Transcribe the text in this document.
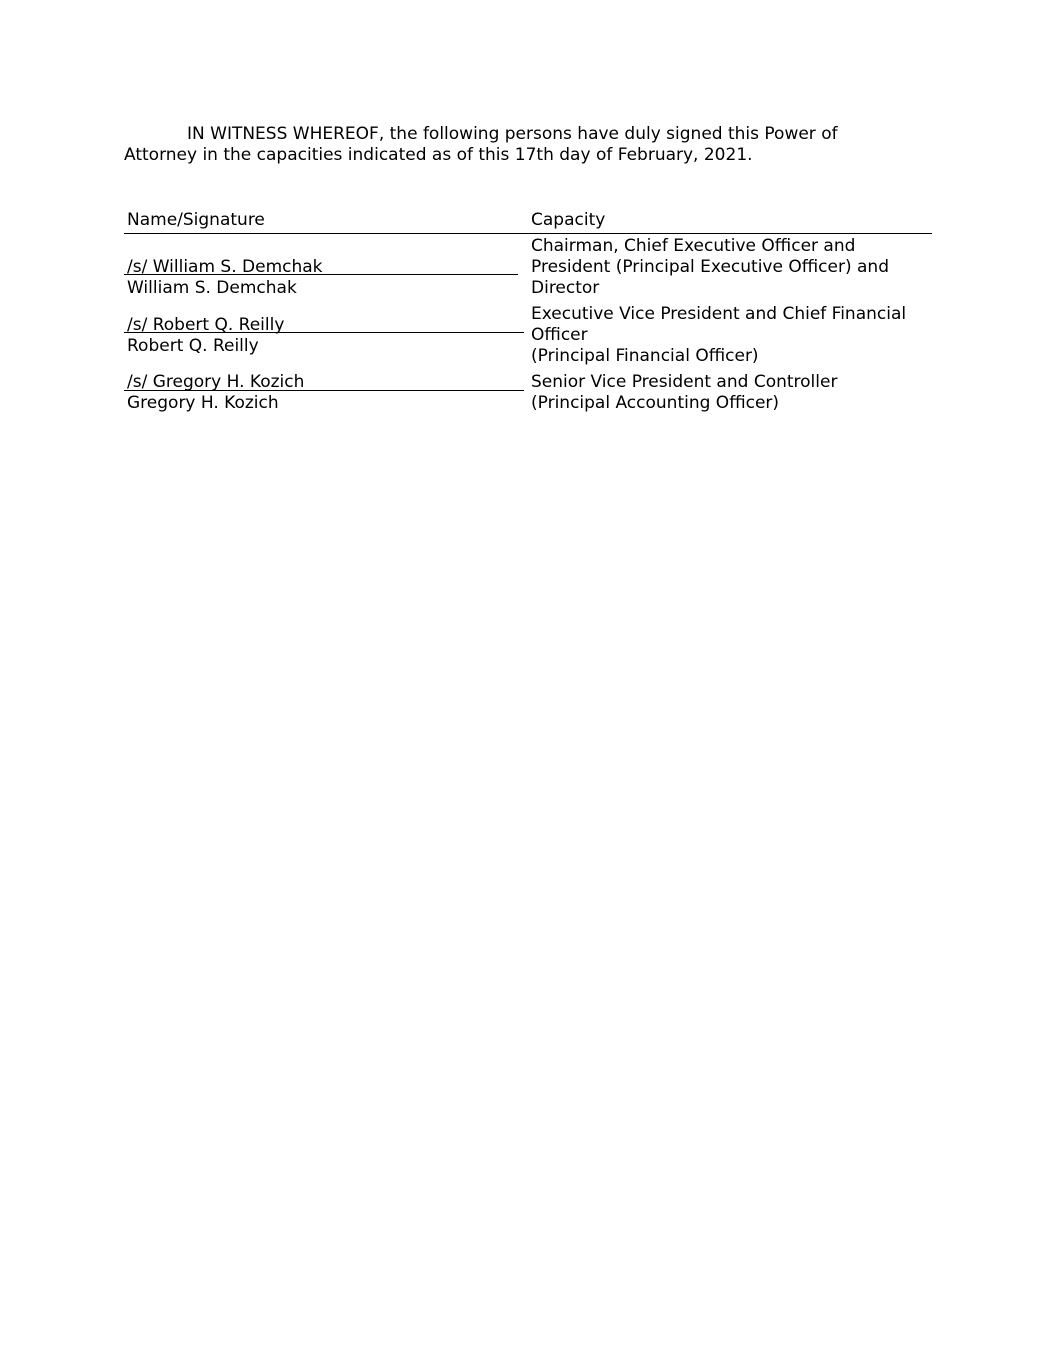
IN WITNESS WHEREOF, the following persons have duly signed this Power of Attorney in the capacities indicated as of this 17th day of February, 2021.

Name/Signature	Capacity
/s/ William S. Demchak
William S. Demchak
Chairman, Chief Executive Officer and
President (Principal Executive Officer) and
Director
/s/ Robert Q. Reilly
Robert Q. Reilly
Executive Vice President and Chief Financial
Officer
(Principal Financial Officer)
/s/ Gregory H. Kozich
Gregory H. Kozich
Senior Vice President and Controller
(Principal Accounting Officer)
